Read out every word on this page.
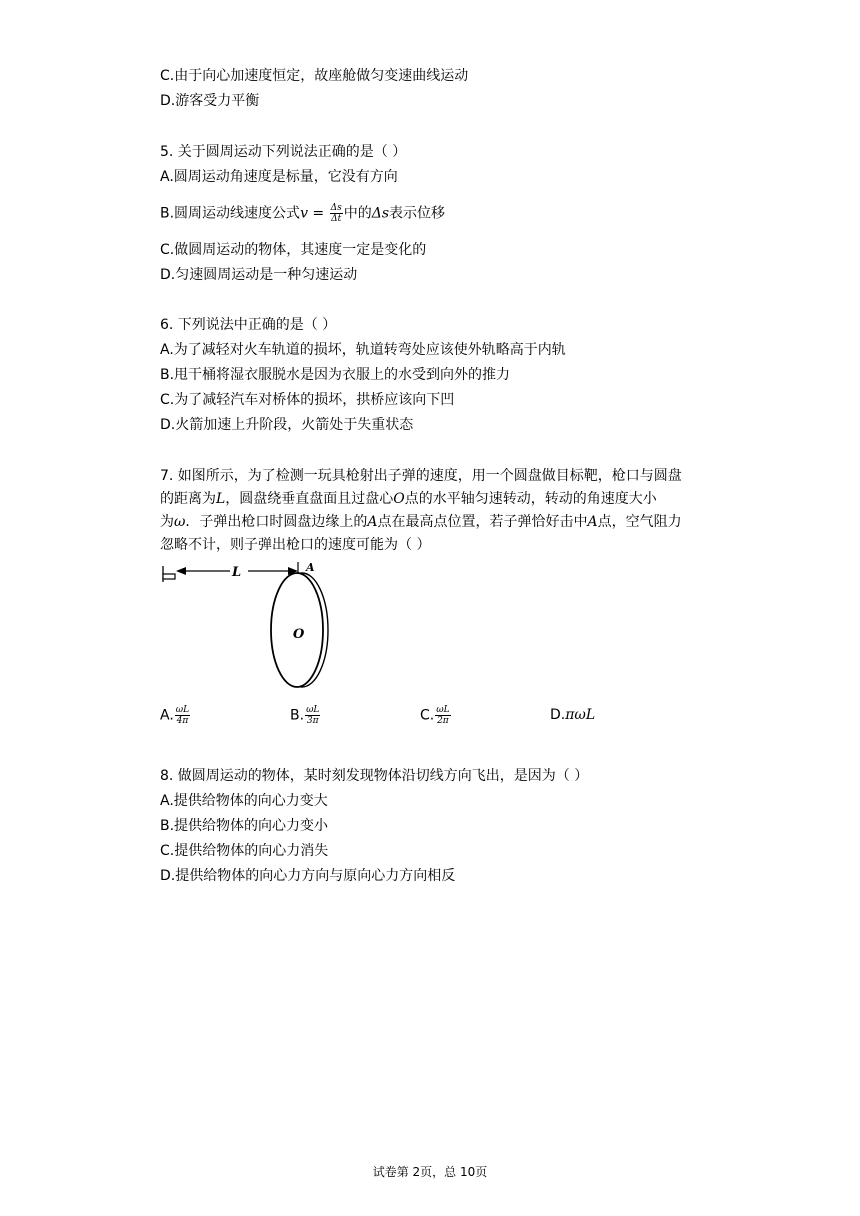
C.由于向心加速度恒定，故座舱做匀变速曲线运动
D.游客受力平衡
5. 关于圆周运动下列说法正确的是（ ）
A.圆周运动角速度是标量，它没有方向
B.圆周运动线速度公式$v = \frac{\Delta s}{\Delta t}$ 中的Δs表示位移
C.做圆周运动的物体，其速度一定是变化的
D.匀速圆周运动是一种匀速运动
6. 下列说法中正确的是（ ）
A.为了减轻对火车轨道的损坏，轨道转弯处应该使外轨略高于内轨
B.甩干桶将湿衣服脱水是因为衣服上的水受到向外的推力
C.为了减轻汽车对桥体的损坏，拱桥应该向下凹
D.火箭加速上升阶段，火箭处于失重状态
7. 如图所示，为了检测一玩具枪射出子弹的速度，用一个圆盘做目标靶，枪口与圆盘
的距离为L，圆盘绕垂直盘面且过盘心O点的水平轴匀速转动，转动的角速度大小
为ω．子弹出枪口时圆盘边缘上的A点在最高点位置，若子弹恰好击中A点，空气阻力
忽略不计，则子弹出枪口的速度可能为（ ）
L	A
O
A. $\frac{\omega L}{4\pi}$	B. $\frac{\omega L}{3\pi}$	C. $\frac{\omega L}{2\pi}$	D.πωL
8. 做圆周运动的物体，某时刻发现物体沿切线方向飞出，是因为（ ）
A.提供给物体的向心力变大
B.提供给物体的向心力变小
C.提供给物体的向心力消失
D.提供给物体的向心力方向与原向心力方向相反
试卷第 2页，总 10页
